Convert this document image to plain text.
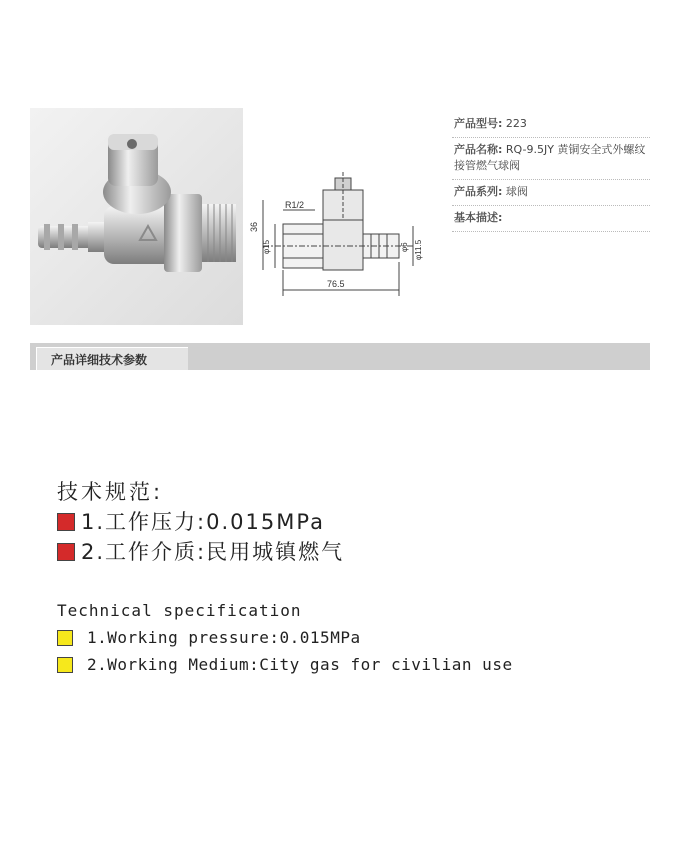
R1/2
36
φ15	φ6 φ11.5
76.5
产品型号: 223
产品名称: RQ-9.5JY 黄铜安全式外螺纹接管燃气球阀
产品系列: 球阀
基本描述:
产品详细技术参数
技术规范:
1.工作压力:0.015MPa
2.工作介质:民用城镇燃气
Technical specification
1.Working pressure:0.015MPa
2.Working Medium:City gas for civilian use
